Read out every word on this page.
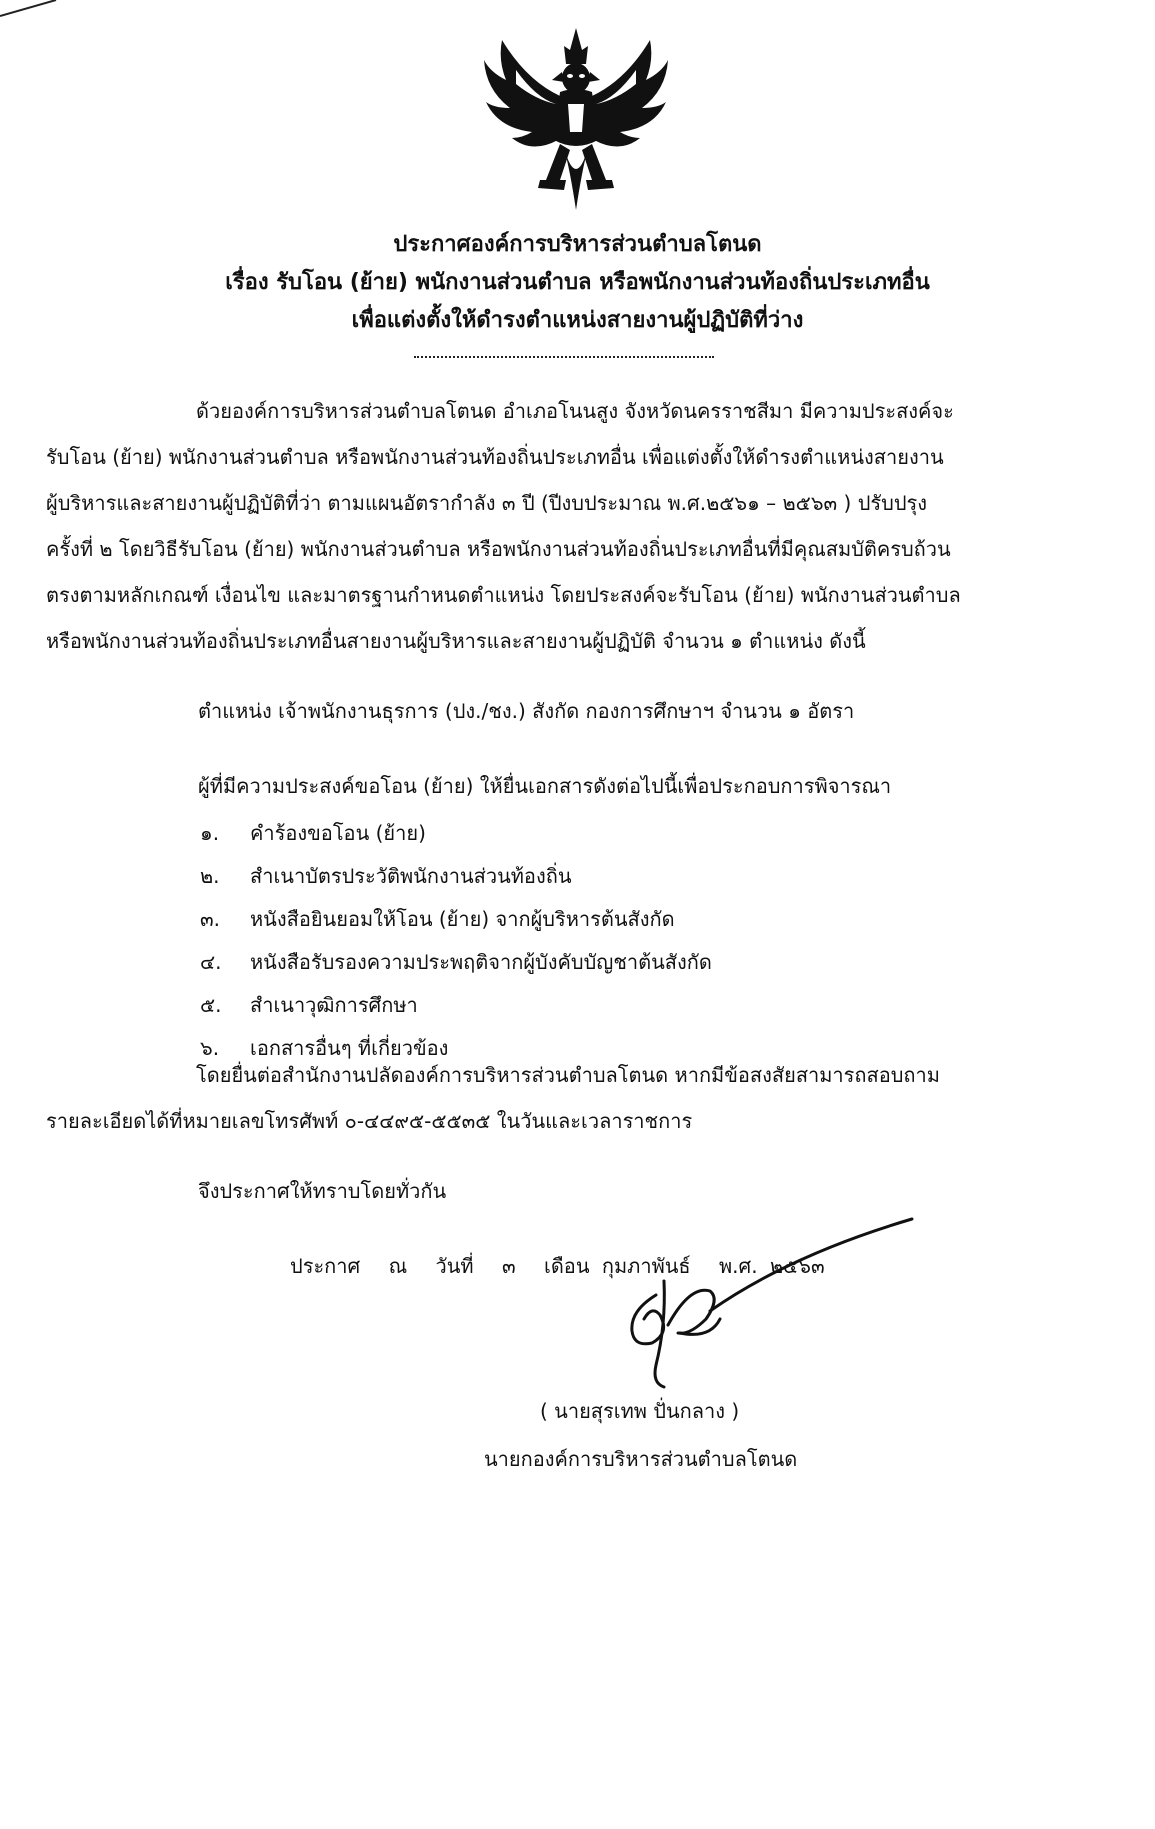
ประกาศองค์การบริหารส่วนตำบลโตนด
เรื่อง รับโอน (ย้าย) พนักงานส่วนตำบล หรือพนักงานส่วนท้องถิ่นประเภทอื่น
เพื่อแต่งตั้งให้ดำรงตำแหน่งสายงานผู้ปฏิบัติที่ว่าง
ด้วยองค์การบริหารส่วนตำบลโตนด อำเภอโนนสูง จังหวัดนครราชสีมา มีความประสงค์จะ
รับโอน (ย้าย) พนักงานส่วนตำบล หรือพนักงานส่วนท้องถิ่นประเภทอื่น เพื่อแต่งตั้งให้ดำรงตำแหน่งสายงาน
ผู้บริหารและสายงานผู้ปฏิบัติที่ว่า ตามแผนอัตรากำลัง ๓ ปี (ปีงบประมาณ พ.ศ.๒๕๖๑ – ๒๕๖๓ ) ปรับปรุง
ครั้งที่ ๒ โดยวิธีรับโอน (ย้าย) พนักงานส่วนตำบล หรือพนักงานส่วนท้องถิ่นประเภทอื่นที่มีคุณสมบัติครบถ้วน
ตรงตามหลักเกณฑ์ เงื่อนไข และมาตรฐานกำหนดตำแหน่ง โดยประสงค์จะรับโอน (ย้าย) พนักงานส่วนตำบล
หรือพนักงานส่วนท้องถิ่นประเภทอื่นสายงานผู้บริหารและสายงานผู้ปฏิบัติ จำนวน ๑ ตำแหน่ง ดังนี้
ตำแหน่ง เจ้าพนักงานธุรการ (ปง./ชง.) สังกัด กองการศึกษาฯ จำนวน ๑ อัตรา
ผู้ที่มีความประสงค์ขอโอน (ย้าย) ให้ยื่นเอกสารดังต่อไปนี้เพื่อประกอบการพิจารณา
๑. คำร้องขอโอน (ย้าย)
๒. สำเนาบัตรประวัติพนักงานส่วนท้องถิ่น
๓. หนังสือยินยอมให้โอน (ย้าย) จากผู้บริหารต้นสังกัด
๔. หนังสือรับรองความประพฤติจากผู้บังคับบัญชาต้นสังกัด
๕. สำเนาวุฒิการศึกษา
๖. เอกสารอื่นๆ ที่เกี่ยวข้อง
โดยยื่นต่อสำนักงานปลัดองค์การบริหารส่วนตำบลโตนด หากมีข้อสงสัยสามารถสอบถาม
รายละเอียดได้ที่หมายเลขโทรศัพท์ ๐-๔๔๙๕-๕๕๓๕ ในวันและเวลาราชการ
จึงประกาศให้ทราบโดยทั่วกัน
ประกาศ ณ วันที่ ๓ เดือน กุมภาพันธ์ พ.ศ. ๒๕๖๓
( นายสุรเทพ ปั่นกลาง )
นายกองค์การบริหารส่วนตำบลโตนด
